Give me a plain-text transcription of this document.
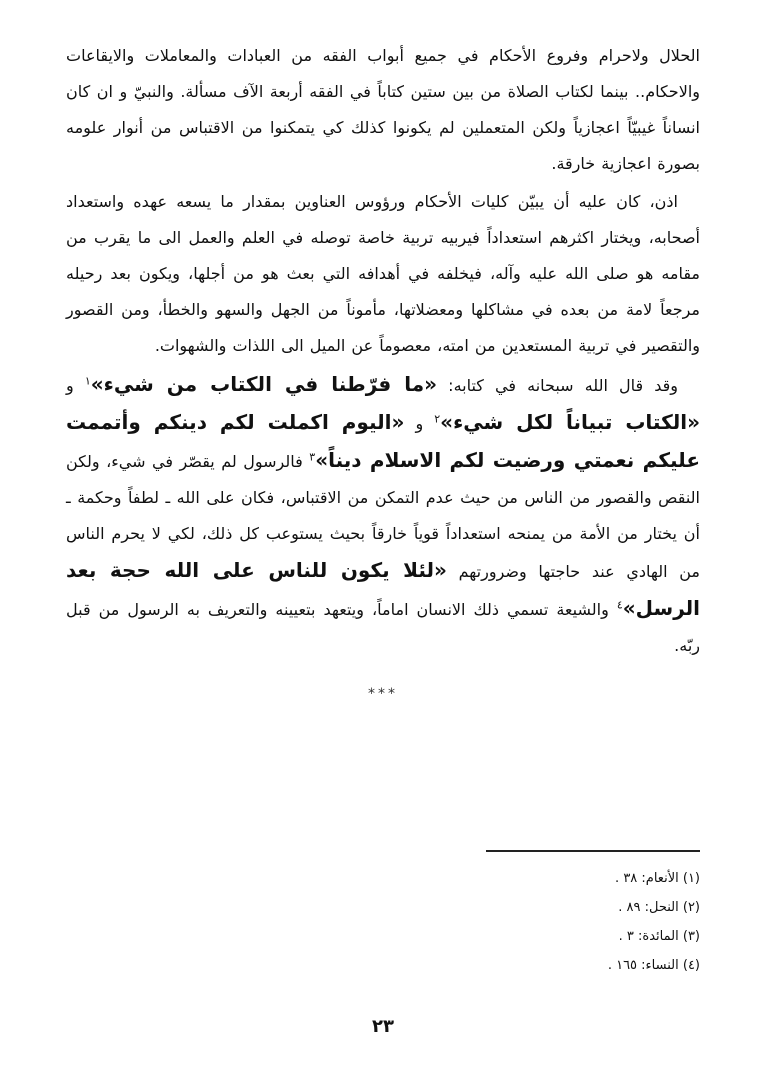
الحلال ولاحرام وفروع الأحكام في جميع أبواب الفقه من العبادات والمعاملات والايقاعات والاحكام.. بينما لكتاب الصلاة من بين ستين كتاباً في الفقه أربعة الآف مسألة. والنبيّ و ان كان انساناً غيبيّاً اعجازياً ولكن المتعملين لم يكونوا كذلك كي يتمكنوا من الاقتباس من أنوار علومه بصورة اعجازية خارقة.

اذن، كان عليه أن يبيّن كليات الأحكام ورؤوس العناوين بمقدار ما يسعه عهده واستعداد أصحابه، ويختار اكثرهم استعداداً فيربيه تربية خاصة توصله في العلم والعمل الى ما يقرب من مقامه هو صلى الله عليه وآله، فيخلفه في أهدافه التي بعث هو من أجلها، ويكون بعد رحيله مرجعاً لامة من بعده في مشاكلها ومعضلاتها، مأموناً من الجهل والسهو والخطأ، ومن القصور والتقصير في تربية المستعدين من امته، معصوماً عن الميل الى اللذات والشهوات.

وقد قال الله سبحانه في كتابه: «ما فرّطنا في الكتاب من شيء»$^١$ و «الكتاب تبياناً لكل شيء»$^٢$ و «اليوم اكملت لكم دينكم وأتممت عليكم نعمتي ورضيت لكم الاسلام ديناً»$^٣$ فالرسول لم يقصّر في شيء، ولكن النقص والقصور من الناس من حيث عدم التمكن من الاقتباس، فكان على الله ـ لطفاً وحكمة ـ أن يختار من الأمة من يمنحه استعداداً قوياً خارقاً بحيث يستوعب كل ذلك، لكي لا يحرم الناس من الهادي عند حاجتها وضرورتهم «لئلا يكون للناس على الله حجة بعد الرسل»$^٤$ والشيعة تسمي ذلك الانسان اماماً، ويتعهد بتعيينه والتعريف به الرسول من قبل ربّه.

***
(١) الأنعام: ٣٨ .
(٢) النحل: ٨٩ .
(٣) المائدة: ٣ .
(٤) النساء: ١٦٥ .
٢٣
